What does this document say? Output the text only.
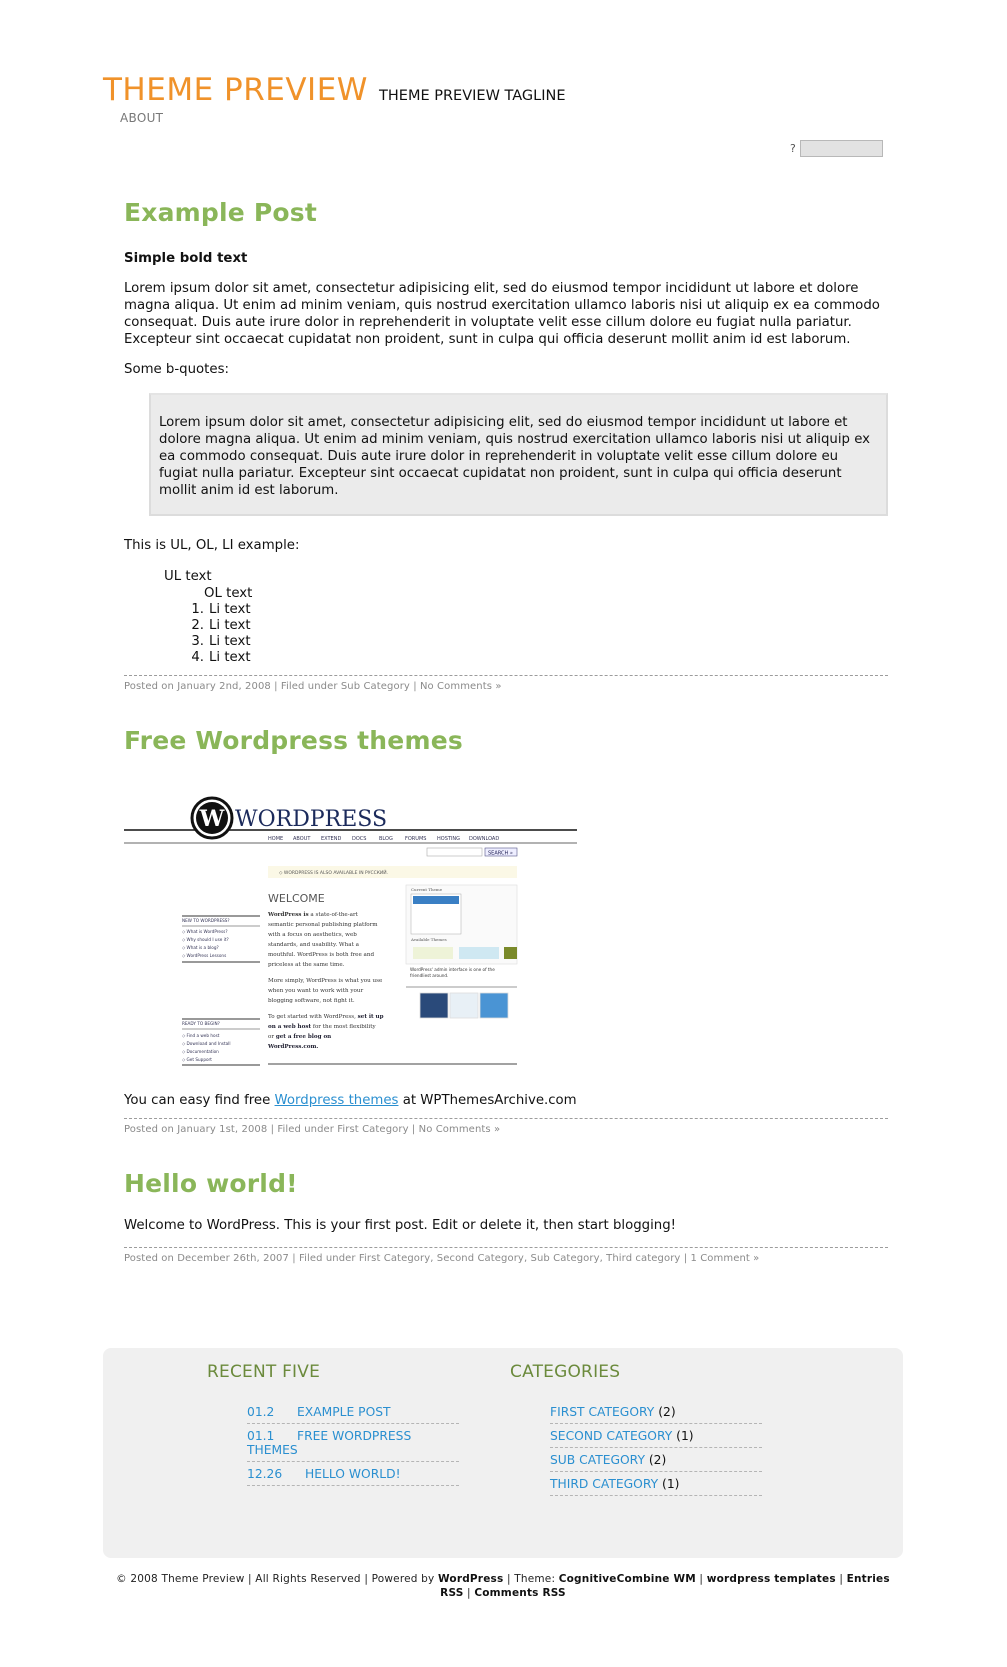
THEME PREVIEW THEME PREVIEW TAGLINE
ABOUT
?
Example Post

Simple bold text

Lorem ipsum dolor sit amet, consectetur adipisicing elit, sed do eiusmod tempor incididunt ut labore et dolore magna aliqua. Ut enim ad minim veniam, quis nostrud exercitation ullamco laboris nisi ut aliquip ex ea commodo consequat. Duis aute irure dolor in reprehenderit in voluptate velit esse cillum dolore eu fugiat nulla pariatur. Excepteur sint occaecat cupidatat non proident, sunt in culpa qui officia deserunt mollit anim id est laborum.

Some b-quotes:

Lorem ipsum dolor sit amet, consectetur adipisicing elit, sed do eiusmod tempor incididunt ut labore et dolore magna aliqua. Ut enim ad minim veniam, quis nostrud exercitation ullamco laboris nisi ut aliquip ex ea commodo consequat. Duis aute irure dolor in reprehenderit in voluptate velit esse cillum dolore eu fugiat nulla pariatur. Excepteur sint occaecat cupidatat non proident, sunt in culpa qui officia deserunt mollit anim id est laborum.

This is UL, OL, LI example:

UL text
OL text
1. Li text
2. Li text
3. Li text
4. Li text
Posted on January 2nd, 2008 | Filed under Sub Category | No Comments »
Free Wordpress themes
W WORDPRESS
HOME ABOUT EXTEND DOCS	BLOG FORUMS HOSTING DOWNLOAD
SEARCH »
◇ WORDPRESS IS ALSO AVAILABLE IN РУССКИЙ.
WELCOME
WordPress is a state-of-the-art
semantic personal publishing platform
with a focus on aesthetics, web
standards, and usability. What a
mouthful. WordPress is both free and
priceless at the same time.
More simply, WordPress is what you use
when you want to work with your
blogging software, not fight it.
To get started with WordPress, set it up
on a web host for the most flexibility
or get a free blog on
WordPress.com.
NEW TO WORDPRESS?
◇ What is WordPress?
◇ Why should I use it?
◇ What is a blog?
◇ WordPress Lessons
READY TO BEGIN?
◇ Find a web host
◇ Download and Install
◇ Documentation
◇ Get Support
Current Theme
Available Themes
WordPress' admin interface is one of the
friendliest around.

You can easy find free Wordpress themes at WPThemesArchive.com

Posted on January 1st, 2008 | Filed under First Category | No Comments »
Hello world!

Welcome to WordPress. This is your first post. Edit or delete it, then start blogging!

Posted on December 26th, 2007 | Filed under First Category, Second Category, Sub Category, Third category | 1 Comment »
RECENT FIVE
01.2 EXAMPLE POST
01.1 FREE WORDPRESS THEMES
12.26 HELLO WORLD!
CATEGORIES
FIRST CATEGORY (2)
SECOND CATEGORY (1)
SUB CATEGORY (2)
THIRD CATEGORY (1)
© 2008 Theme Preview | All Rights Reserved | Powered by WordPress | Theme: CognitiveCombine WM | wordpress templates | Entries RSS | Comments RSS
